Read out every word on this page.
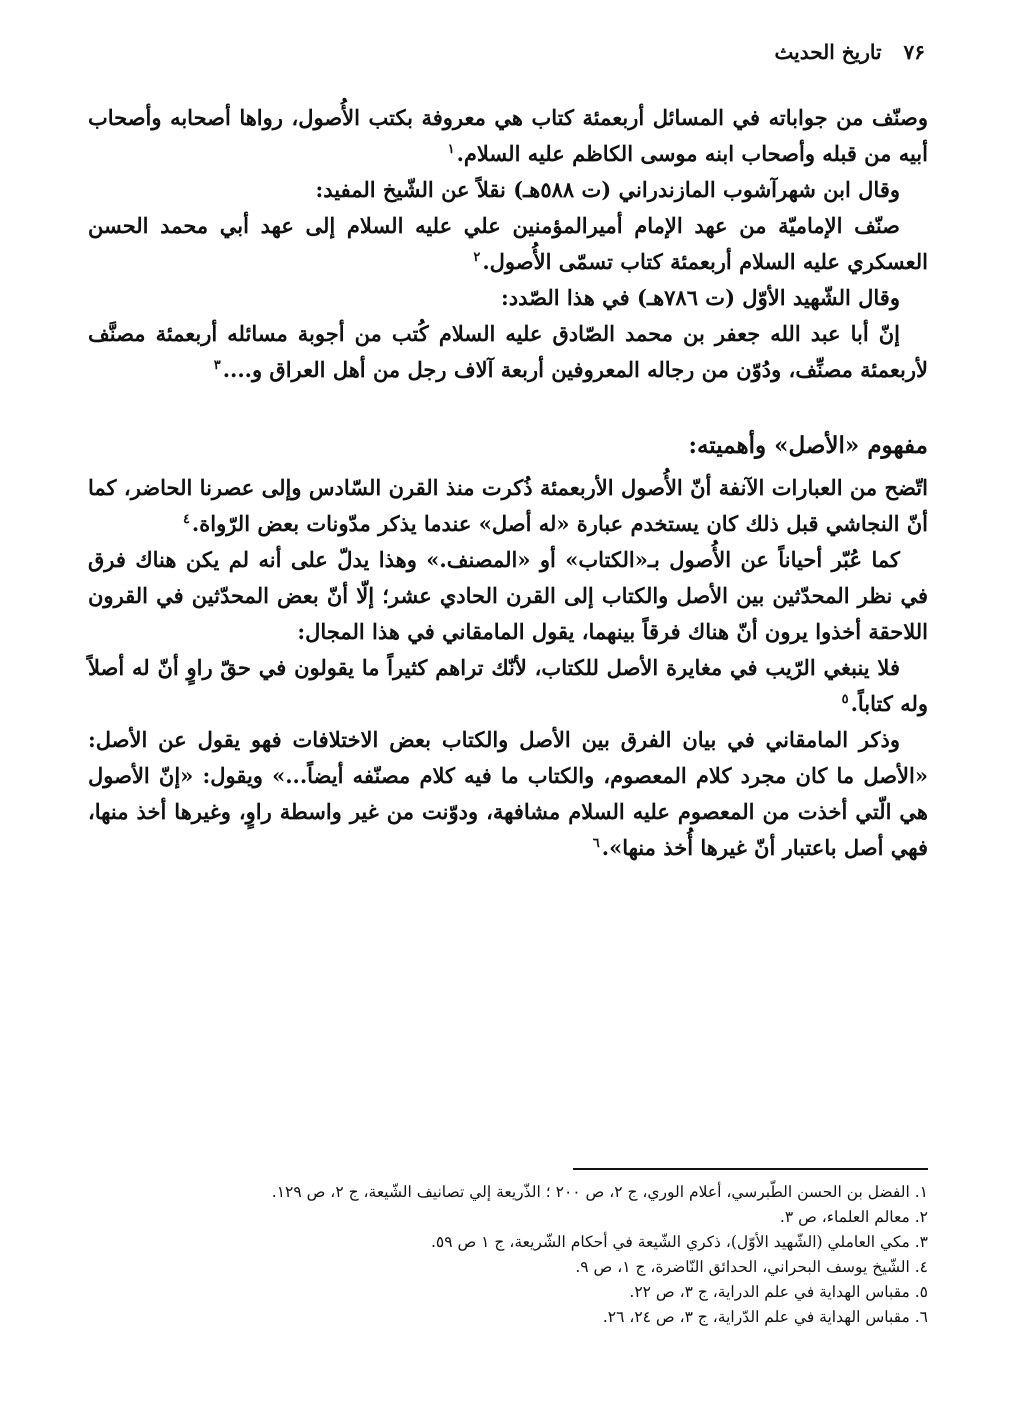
٧۶
تاريخ الحديث

وصنّف من جواباته في المسائل أربعمئة كتاب هي معروفة بكتب الأُصول، رواها أصحابه وأصحاب أبيه من قبله وأصحاب ابنه موسى الكاظم عليه السلام.$^١$

وقال ابن شهرآشوب المازندراني (ت ٥٨٨هـ) نقلاً عن الشّيخ المفيد:

صنّف الإماميّة من عهد الإمام أميرالمؤمنين علي عليه السلام إلى عهد أبي محمد الحسن العسكري عليه السلام أربعمئة كتاب تسمّى الأُصول.$^٢$

وقال الشّهيد الأوّل (ت ٧٨٦هـ) في هذا الصّدد:

إنّ أبا عبد الله جعفر بن محمد الصّادق عليه السلام كُتب من أجوبة مسائله أربعمئة مصنَّف لأربعمئة مصنِّف، ودُوّن من رجاله المعروفين أربعة آلاف رجل من أهل العراق و....$^٣$

مفهوم «الأصل» وأهميته:

اتّضح من العبارات الآنفة أنّ الأُصول الأربعمئة ذُكرت منذ القرن السّادس وإلى عصرنا الحاضر، كما أنّ النجاشي قبل ذلك كان يستخدم عبارة «له أصل» عندما يذكر مدّونات بعض الرّواة.$^٤$

كما عُبّر أحياناً عن الأُصول بـ«الكتاب» أو «المصنف.» وهذا يدلّ على أنه لم يكن هناك فرق في نظر المحدّثين بين الأصل والكتاب إلى القرن الحادي عشر؛ إلّا أنّ بعض المحدّثين في القرون اللاحقة أخذوا يرون أنّ هناك فرقاً بينهما، يقول المامقاني في هذا المجال:

فلا ينبغي الرّيب في مغايرة الأصل للكتاب، لأنّك تراهم كثيراً ما يقولون في حقّ راوٍ أنّ له أصلاً وله كتاباً.$^٥$

وذكر المامقاني في بيان الفرق بين الأصل والكتاب بعض الاختلافات فهو يقول عن الأصل: «الأصل ما كان مجرد كلام المعصوم، والكتاب ما فيه كلام مصنّفه أيضاً...» ويقول: «إنّ الأصول هي الّتي أخذت من المعصوم عليه السلام مشافهة، ودوّنت من غير واسطة راوٍ، وغيرها أخذ منها، فهي أصل باعتبار أنّ غيرها أُخذ منها».$^٦$

١. الفضل بن الحسن الطّبرسي، أعلام الوري، ج ٢، ص ٢٠٠ ؛ الذّريعة إلي تصانيف الشّيعة، ج ٢، ص ١٢٩.
٢. معالم العلماء، ص ٣.
٣. مكي العاملي (الشّهيد الأوّل)، ذكري الشّيعة في أحكام الشّريعة، ج ١ ص ٥٩.
٤. الشّيخ يوسف البحراني، الحدائق النّاضرة، ج ١، ص ٩.
٥. مقباس الهداية في علم الدراية، ج ٣، ص ٢٢.
٦. مقباس الهداية في علم الدّراية، ج ٣، ص ٢٤، ٢٦.
